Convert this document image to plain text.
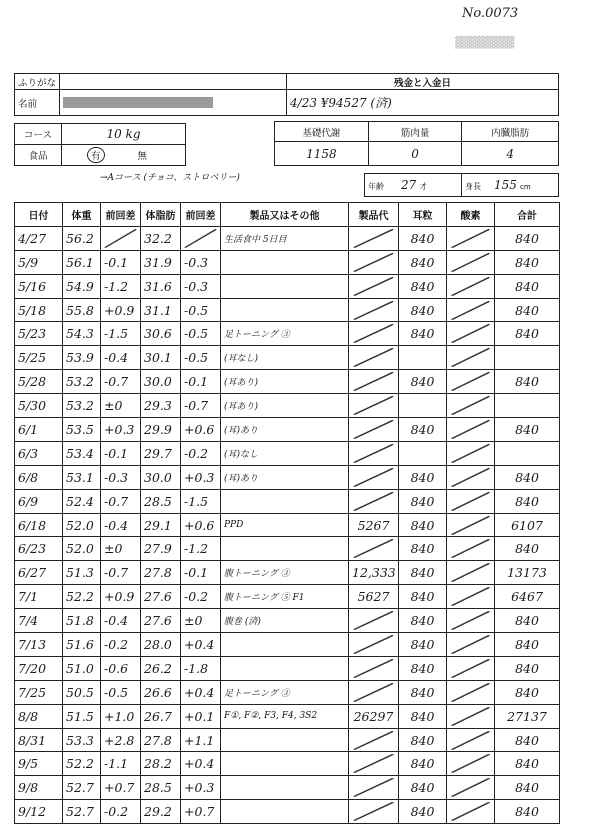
No.0073
▓▓▓▓▓▓▓
ふりがな		残金と入金日
名前		4/23 ¥94527 (済)
コース	10 kg
食品	有 無
→Aコース (チョコ、ストロベリー)
基礎代謝	筋肉量	内臓脂肪
1158	0	4
年齢 27 才	身長 155 cm
日付	体重	前回差	体脂肪	前回差	製品又はその他	製品代	耳粒	酸素	合計
4/27	56.2		32.2		生活食中 5日目		840		840
5/9	56.1	-0.1	31.9	-0.3			840		840
5/16	54.9	-1.2	31.6	-0.3			840		840
5/18	55.8	+0.9	31.1	-0.5			840		840
5/23	54.3	-1.5	30.6	-0.5	足トーニング ③		840		840
5/25	53.9	-0.4	30.1	-0.5	(耳なし)	

5/28	53.2	-0.7	30.0	-0.1	(耳あり)		840		840
5/30	53.2	±0	29.3	-0.7	(耳あり)	

6/1	53.5	+0.3	29.9	+0.6	(耳)あり		840		840
6/3	53.4	-0.1	29.7	-0.2	(耳)なし	

6/8	53.1	-0.3	30.0	+0.3	(耳)あり		840		840
6/9	52.4	-0.7	28.5	-1.5			840		840
6/18	52.0	-0.4	29.1	+0.6	PPD	5267	840		6107
6/23	52.0	±0	27.9	-1.2			840		840
6/27	51.3	-0.7	27.8	-0.1	腹トーニング ③	12,333	840		13173
7/1	52.2	+0.9	27.6	-0.2	腹トーニング ⑤ F1	5627	840		6467
7/4	51.8	-0.4	27.6	±0	腹巻 (済)		840		840
7/13	51.6	-0.2	28.0	+0.4			840		840
7/20	51.0	-0.6	26.2	-1.8			840		840
7/25	50.5	-0.5	26.6	+0.4	足トーニング ③		840		840
8/8	51.5	+1.0	26.7	+0.1	F①, F②, F3, F4, 3S2	26297	840		27137
8/31	53.3	+2.8	27.8	+1.1			840		840
9/5	52.2	-1.1	28.2	+0.4			840		840
9/8	52.7	+0.7	28.5	+0.3			840		840
9/12	52.7	-0.2	29.2	+0.7			840		840
